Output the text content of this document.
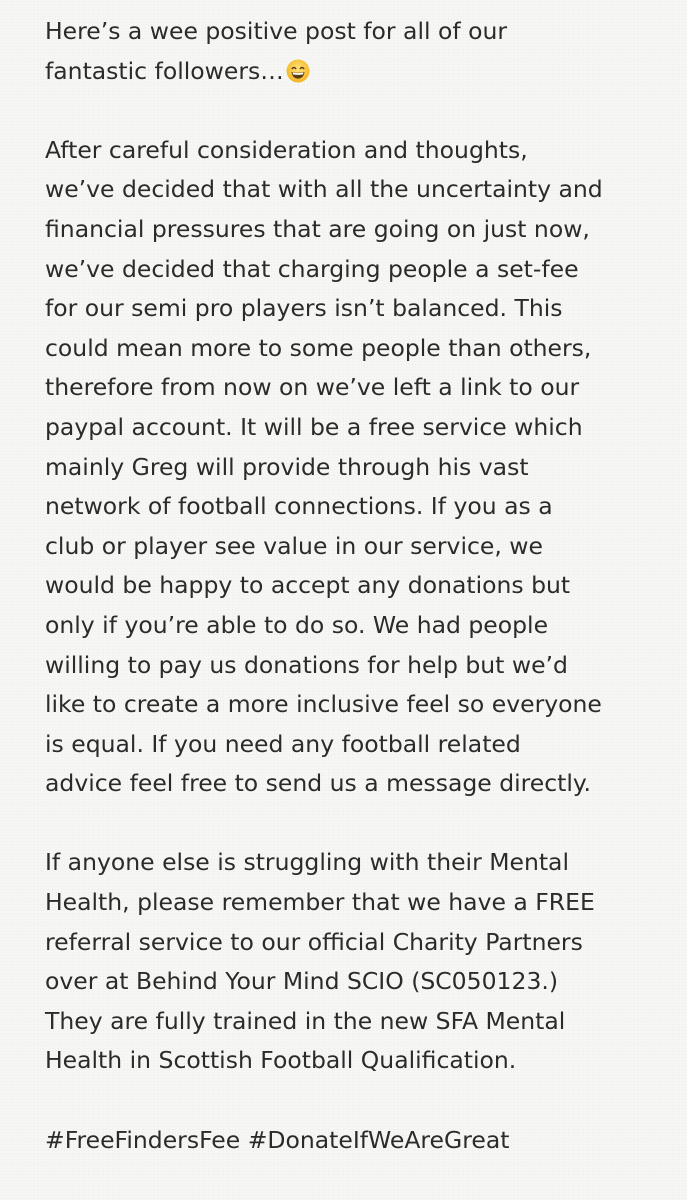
Here’s a wee positive post for all of our
fantastic followers…

After careful consideration and thoughts,
we’ve decided that with all the uncertainty and
financial pressures that are going on just now,
we’ve decided that charging people a set-fee
for our semi pro players isn’t balanced. This
could mean more to some people than others,
therefore from now on we’ve left a link to our
paypal account. It will be a free service which
mainly Greg will provide through his vast
network of football connections. If you as a
club or player see value in our service, we
would be happy to accept any donations but
only if you’re able to do so. We had people
willing to pay us donations for help but we’d
like to create a more inclusive feel so everyone
is equal. If you need any football related
advice feel free to send us a message directly.

If anyone else is struggling with their Mental
Health, please remember that we have a FREE
referral service to our official Charity Partners
over at Behind Your Mind SCIO (SC050123.)
They are fully trained in the new SFA Mental
Health in Scottish Football Qualification.

#FreeFindersFee #DonateIfWeAreGreat
